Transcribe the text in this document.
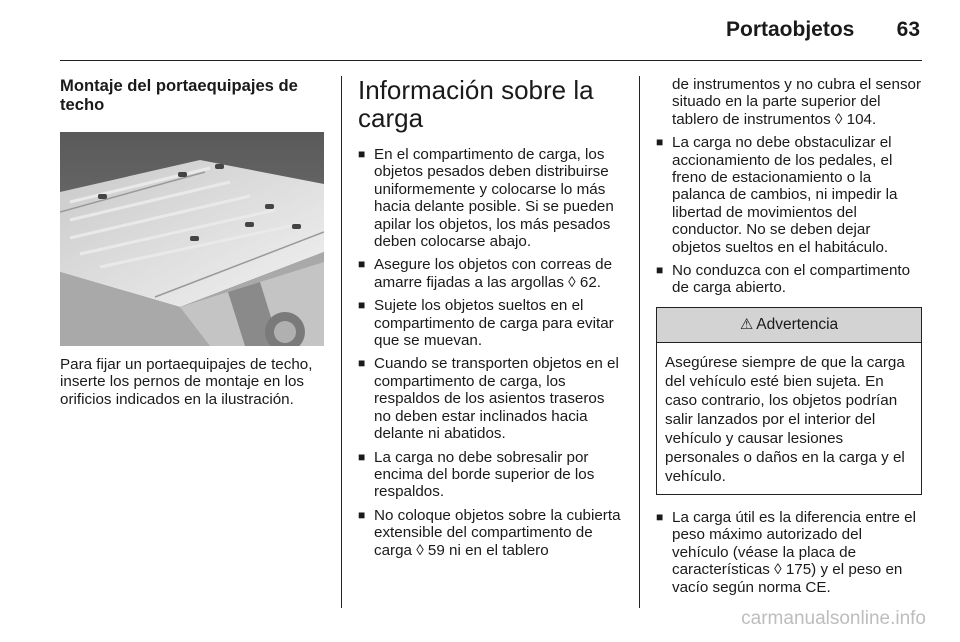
Portaobjetos	63
Montaje del portaequipajes de techo

Para fijar un portaequipajes de techo, inserte los pernos de montaje en los orificios indicados en la ilustración.

Información sobre la carga
■ En el compartimento de carga, los objetos pesados deben distribuirse uniformemente y colocarse lo más hacia delante posible. Si se pueden apilar los objetos, los más pesados deben colocarse abajo.
■ Asegure los objetos con correas de amarre fijadas a las argollas ◊ 62.
■ Sujete los objetos sueltos en el compartimento de carga para evitar que se muevan.
■ Cuando se transporten objetos en el compartimento de carga, los respaldos de los asientos traseros no deben estar inclinados hacia delante ni abatidos.
■ La carga no debe sobresalir por encima del borde superior de los respaldos.
■ No coloque objetos sobre la cubierta extensible del compartimento de carga ◊ 59 ni en el tablero

de instrumentos y no cubra el sensor situado en la parte superior del tablero de instrumentos ◊ 104.

■ La carga no debe obstaculizar el accionamiento de los pedales, el freno de estacionamiento o la palanca de cambios, ni impedir la libertad de movimientos del conductor. No se deben dejar objetos sueltos en el habitáculo.
■ No conduzca con el compartimento de carga abierto.
⚠ Advertencia
Asegúrese siempre de que la carga del vehículo esté bien sujeta. En caso contrario, los objetos podrían salir lanzados por el interior del vehículo y causar lesiones personales o daños en la carga y el vehículo.
■ La carga útil es la diferencia entre el peso máximo autorizado del vehículo (véase la placa de características ◊ 175) y el peso en vacío según norma CE.
carmanualsonline.info
